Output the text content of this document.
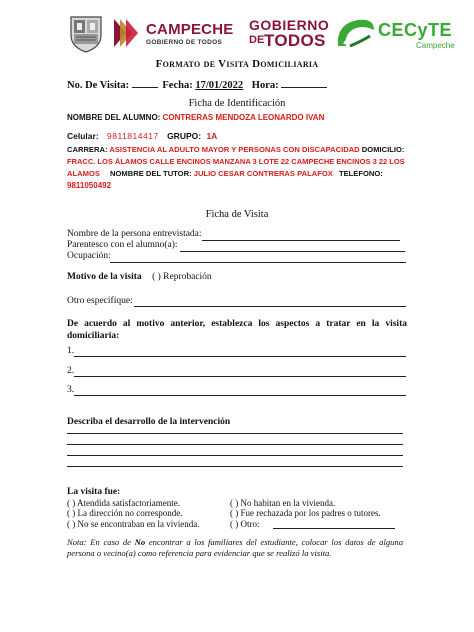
CAMPECHE
GOBIERNO DE TODOS
GOBIERNO
DE TODOS
CECyTE
Campeche
Formato de Visita Domiciliaria
No. De Visita:	Fecha: 17/01/2022 Hora:
Ficha de Identificación
NOMBRE DEL ALUMNO: CONTRERAS MENDOZA LEONARDO IVAN
Celular: 9811814417 GRUPO: 1A
CARRERA: ASISTENCIA AL ADULTO MAYOR Y PERSONAS CON DISCAPACIDAD DOMICILIO:
FRACC. LOS ÁLAMOS CALLE ENCINOS MANZANA 3 LOTE 22 CAMPECHE ENCINOS 3 22 LOS
ALAMOS NOMBRE DEL TUTOR: JULIO CESAR CONTRERAS PALAFOX TELEFONO:
9811050492
Ficha de Visita
Nombre de la persona entrevistada:
Parentesco con el alumno(a):
Ocupación:
Motivo de la visita ( ) Reprobación
Otro especifique:
De acuerdo al motivo anterior, establezca los aspectos a tratar en la visita domiciliaria:
1.
2.
3.
Describa el desarrollo de la intervención
La visita fue:
( ) Atendida satisfactoriamente.	( ) No habitan en la vivienda.
( ) La dirección no corresponde.	( ) Fue rechazada por los padres o tutores.
( ) No se encontraban en la vivienda.	( ) Otro:
Nota: En caso de No encontrar a los familiares del estudiante, colocar los datos de alguna persona o vecino(a) como referencia para evidenciar que se realizó la visita.
